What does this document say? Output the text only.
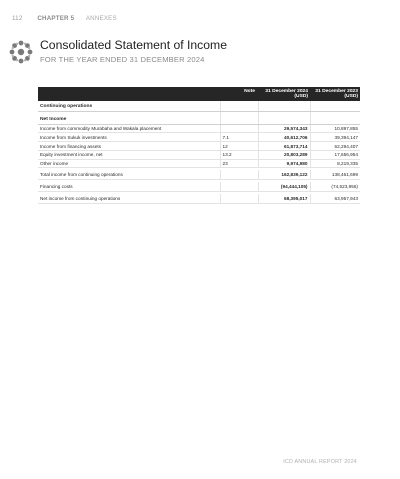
112 CHAPTER 5 ANNEXES
Consolidated Statement of Income
FOR THE YEAR ENDED 31 DECEMBER 2024
	Note	31 December 2024 (USD)	31 December 2023 (USD)
Continuing operations			
Net Income			
Income from commodity Murabaha and Wakala placement		29,574,343	10,897,855
Income from Sukuk investments	7.1	40,612,706	39,394,147
Income from financing assets	12	61,873,714	62,294,407
Equity investment income, net	13.2	20,803,289	17,656,954
Other income	23	9,974,980	8,219,335

Total income from continuing operations		162,839,122	138,461,699

Financing costs		(94,444,105)	(74,523,956)

Net income from continuing operations		68,395,017	63,957,943
ICD ANNUAL REPORT 2024
